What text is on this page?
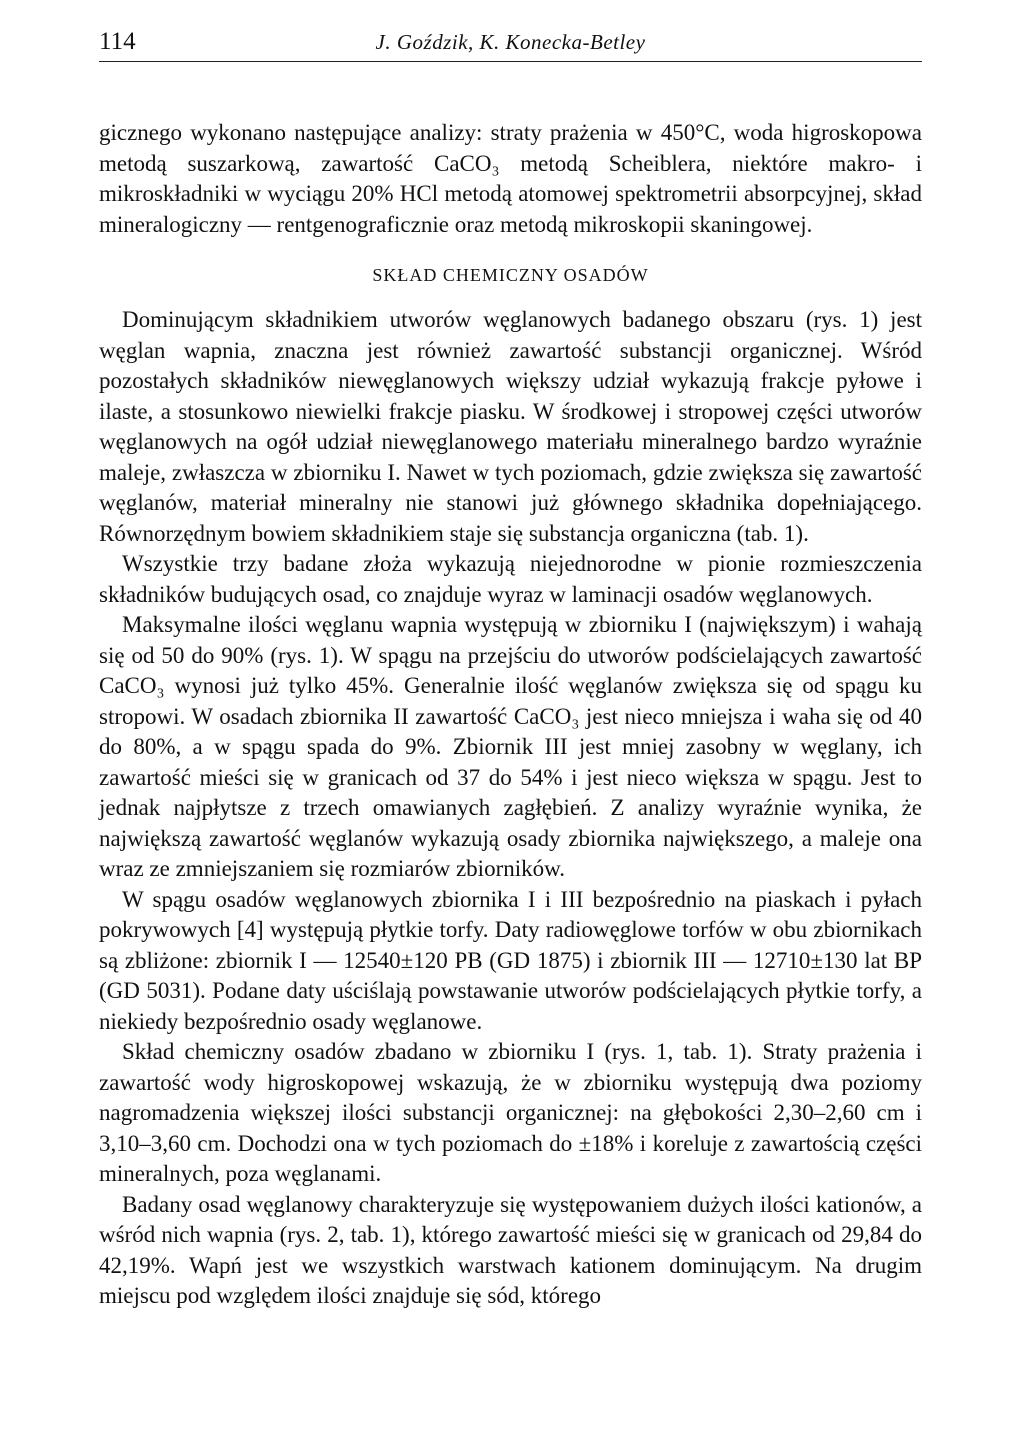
114	J. Goździk, K. Konecka-Betley

gicznego wykonano następujące analizy: straty prażenia w 450°C, woda higroskopowa metodą suszarkową, zawartość CaCO₃ metodą Scheiblera, niektóre makro- i mikroskładniki w wyciągu 20% HCl metodą atomowej spektrometrii absorpcyjnej, skład mineralogiczny — rentgenograficznie oraz metodą mikroskopii skaningowej.

SKŁAD CHEMICZNY OSADÓW

Dominującym składnikiem utworów węglanowych badanego obszaru (rys. 1) jest węglan wapnia, znaczna jest również zawartość substancji organicznej. Wśród pozostałych składników niewęglanowych większy udział wykazują frakcje pyłowe i ilaste, a stosunkowo niewielki frakcje piasku. W środkowej i stropowej części utworów węglanowych na ogół udział niewęglanowego materiału mineralnego bardzo wyraźnie maleje, zwłaszcza w zbiorniku I. Nawet w tych poziomach, gdzie zwiększa się zawartość węglanów, materiał mineralny nie stanowi już głównego składnika dopełniającego. Równorzędnym bowiem składnikiem staje się substancja organiczna (tab. 1).

Wszystkie trzy badane złoża wykazują niejednorodne w pionie rozmieszczenia składników budujących osad, co znajduje wyraz w laminacji osadów węglanowych.

Maksymalne ilości węglanu wapnia występują w zbiorniku I (największym) i wahają się od 50 do 90% (rys. 1). W spągu na przejściu do utworów podścielających zawartość CaCO₃ wynosi już tylko 45%. Generalnie ilość węglanów zwiększa się od spągu ku stropowi. W osadach zbiornika II zawartość CaCO₃ jest nieco mniejsza i waha się od 40 do 80%, a w spągu spada do 9%. Zbiornik III jest mniej zasobny w węglany, ich zawartość mieści się w granicach od 37 do 54% i jest nieco większa w spągu. Jest to jednak najpłytsze z trzech omawianych zagłębień. Z analizy wyraźnie wynika, że największą zawartość węglanów wykazują osady zbiornika największego, a maleje ona wraz ze zmniejszaniem się rozmiarów zbiorników.

W spągu osadów węglanowych zbiornika I i III bezpośrednio na piaskach i pyłach pokrywowych [4] występują płytkie torfy. Daty radiowęglowe torfów w obu zbiornikach są zbliżone: zbiornik I — 12540±120 PB (GD 1875) i zbiornik III — 12710±130 lat BP (GD 5031). Podane daty uściślają powstawanie utworów podścielających płytkie torfy, a niekiedy bezpośrednio osady węglanowe.

Skład chemiczny osadów zbadano w zbiorniku I (rys. 1, tab. 1). Straty prażenia i zawartość wody higroskopowej wskazują, że w zbiorniku występują dwa poziomy nagromadzenia większej ilości substancji organicznej: na głębokości 2,30–2,60 cm i 3,10–3,60 cm. Dochodzi ona w tych poziomach do ±18% i koreluje z zawartością części mineralnych, poza węglanami.

Badany osad węglanowy charakteryzuje się występowaniem dużych ilości kationów, a wśród nich wapnia (rys. 2, tab. 1), którego zawartość mieści się w granicach od 29,84 do 42,19%. Wapń jest we wszystkich warstwach kationem dominującym. Na drugim miejscu pod względem ilości znajduje się sód, którego
